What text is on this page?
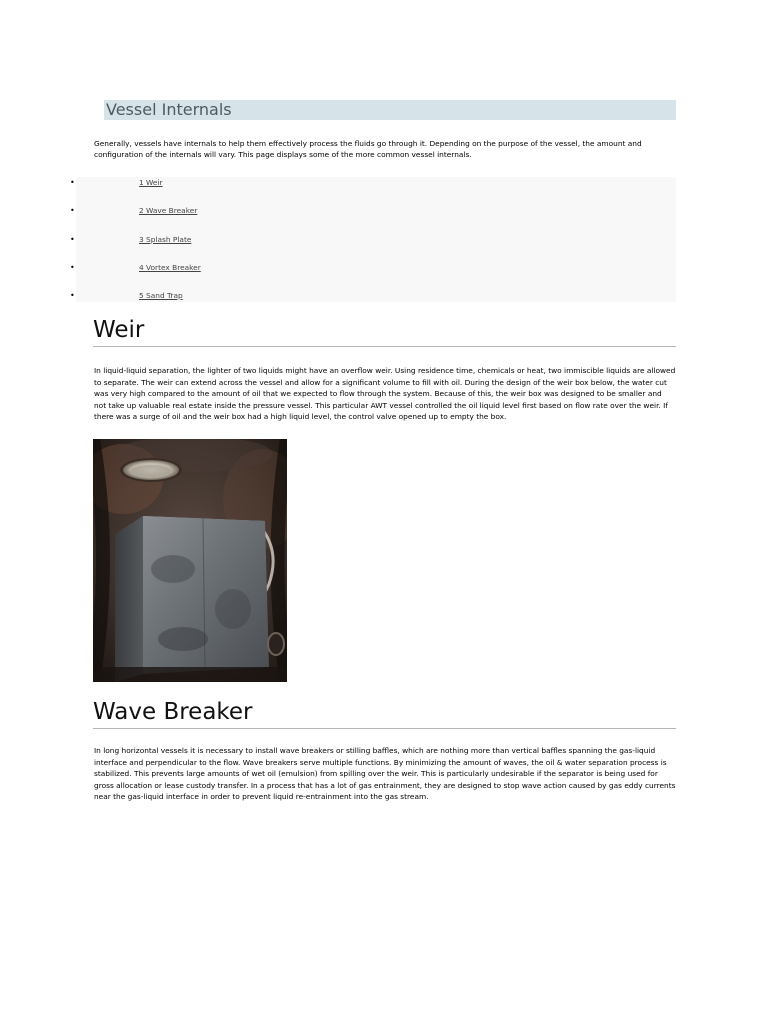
Vessel Internals

Generally, vessels have internals to help them effectively process the fluids go through it. Depending on the purpose of the vessel, the amount and configuration of the internals will vary. This page displays some of the more common vessel internals.

•	1 Weir
•	2 Wave Breaker
•	3 Splash Plate
•	4 Vortex Breaker
•	5 Sand Trap
Weir

In liquid-liquid separation, the lighter of two liquids might have an overflow weir. Using residence time, chemicals or heat, two immiscible liquids are allowed to separate. The weir can extend across the vessel and allow for a significant volume to fill with oil. During the design of the weir box below, the water cut was very high compared to the amount of oil that we expected to flow through the system. Because of this, the weir box was designed to be smaller and not take up valuable real estate inside the pressure vessel. This particular AWT vessel controlled the oil liquid level first based on flow rate over the weir. If there was a surge of oil and the weir box had a high liquid level, the control valve opened up to empty the box.

Wave Breaker

In long horizontal vessels it is necessary to install wave breakers or stilling baffles, which are nothing more than vertical baffles spanning the gas-liquid interface and perpendicular to the flow. Wave breakers serve multiple functions. By minimizing the amount of waves, the oil & water separation process is stabilized. This prevents large amounts of wet oil (emulsion) from spilling over the weir. This is particularly undesirable if the separator is being used for gross allocation or lease custody transfer. In a process that has a lot of gas entrainment, they are designed to stop wave action caused by gas eddy currents near the gas-liquid interface in order to prevent liquid re-entrainment into the gas stream.
